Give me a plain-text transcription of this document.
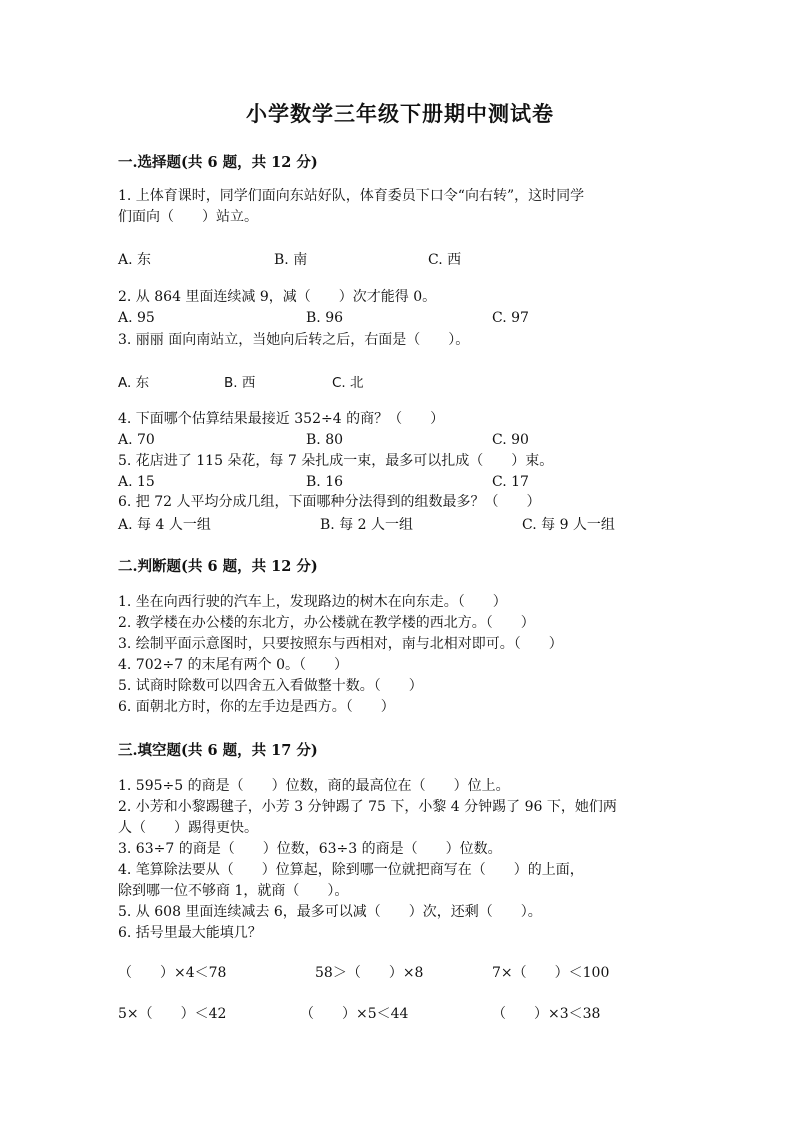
小学数学三年级下册期中测试卷
一.选择题(共 6 题，共 12 分)
1. 上体育课时，同学们面向东站好队，体育委员下口令“向右转”，这时同学
们面向（　　）站立。
A. 东	B. 南	C. 西
2. 从 864 里面连续减 9，减（　　）次才能得 0。
A. 95	B. 96	C. 97
3. 丽丽 面向南站立，当她向后转之后，右面是（　　）。
A. 东	B. 西	C. 北
4. 下面哪个估算结果最接近 352÷4 的商？（　　）
A. 70	B. 80	C. 90
5. 花店进了 115 朵花，每 7 朵扎成一束，最多可以扎成（　　）束。
A. 15	B. 16	C. 17
6. 把 72 人平均分成几组，下面哪种分法得到的组数最多？（　　）
A. 每 4 人一组	B. 每 2 人一组	C. 每 9 人一组
二.判断题(共 6 题，共 12 分)
1. 坐在向西行驶的汽车上，发现路边的树木在向东走。（　　）
2. 教学楼在办公楼的东北方，办公楼就在教学楼的西北方。（　　）
3. 绘制平面示意图时，只要按照东与西相对，南与北相对即可。（　　）
4. 702÷7 的末尾有两个 0。（　　）
5. 试商时除数可以四舍五入看做整十数。（　　）
6. 面朝北方时，你的左手边是西方。（　　）
三.填空题(共 6 题，共 17 分)
1. 595÷5 的商是（　　）位数，商的最高位在（　　）位上。
2. 小芳和小黎踢毽子，小芳 3 分钟踢了 75 下，小黎 4 分钟踢了 96 下，她们两
人（　　）踢得更快。
3. 63÷7 的商是（　　）位数，63÷3 的商是（　　）位数。
4. 笔算除法要从（　　）位算起，除到哪一位就把商写在（　　）的上面，
除到哪一位不够商 1，就商（　　）。
5. 从 608 里面连续减去 6，最多可以减（　　）次，还剩（　　）。
6. 括号里最大能填几？
（　　）×4＜78	58＞（　　）×8	7×（　　）＜100
5×（　　）＜42	（　　）×5＜44	（　　）×3＜38
